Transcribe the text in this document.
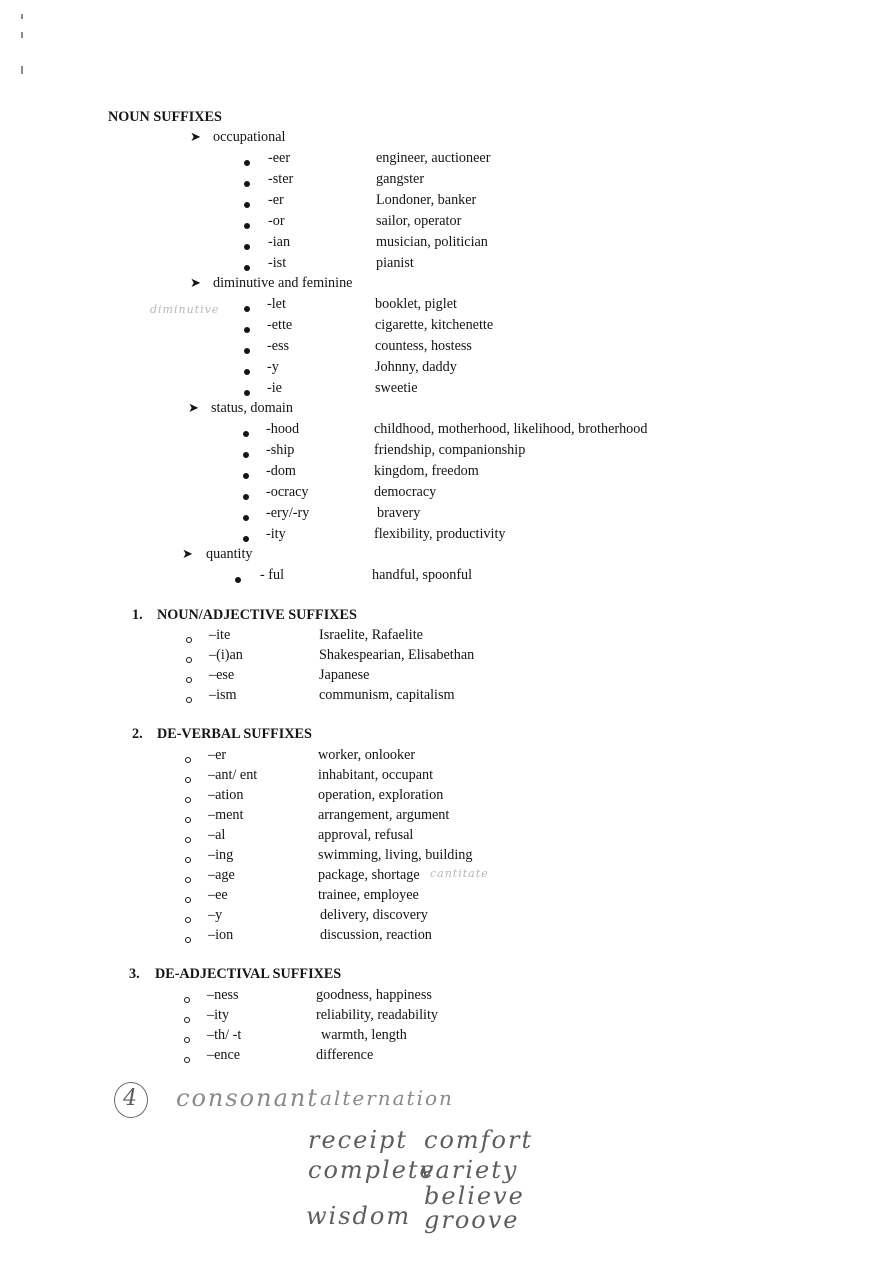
NOUN SUFFIXES
➤ occupational
-eer	engineer, auctioneer
-ster	gangster
-er	Londoner, banker
-or	sailor, operator
-ian	musician, politician
-ist	pianist
➤ diminutive and feminine
-let	booklet, piglet
-ette	cigarette, kitchenette
-ess	countess, hostess
-y	Johnny, daddy
-ie	sweetie
➤ status, domain
-hood	childhood, motherhood, likelihood, brotherhood
-ship	friendship, companionship
-dom	kingdom, freedom
-ocracy	democracy
-ery/-ry	bravery
-ity	flexibility, productivity
➤ quantity
- ful	handful, spoonful
1. NOUN/ADJECTIVE SUFFIXES
–ite	Israelite, Rafaelite
–(i)an	Shakespearian, Elisabethan
–ese	Japanese
–ism	communism, capitalism
2. DE-VERBAL SUFFIXES
–er	worker, onlooker
–ant/ ent	inhabitant, occupant
–ation	operation, exploration
–ment	arrangement, argument
–al	approval, refusal
–ing	swimming, living, building
–age	package, shortage
–ee	trainee, employee
–y	delivery, discovery
–ion	discussion, reaction
3. DE-ADJECTIVAL SUFFIXES
–ness	goodness, happiness
–ity	reliability, readability
–th/ -t	warmth, length
–ence	difference
diminutive
cantitate
4 consonant alternation
receipt comfort
complete
variety
believe
wisdom groove
